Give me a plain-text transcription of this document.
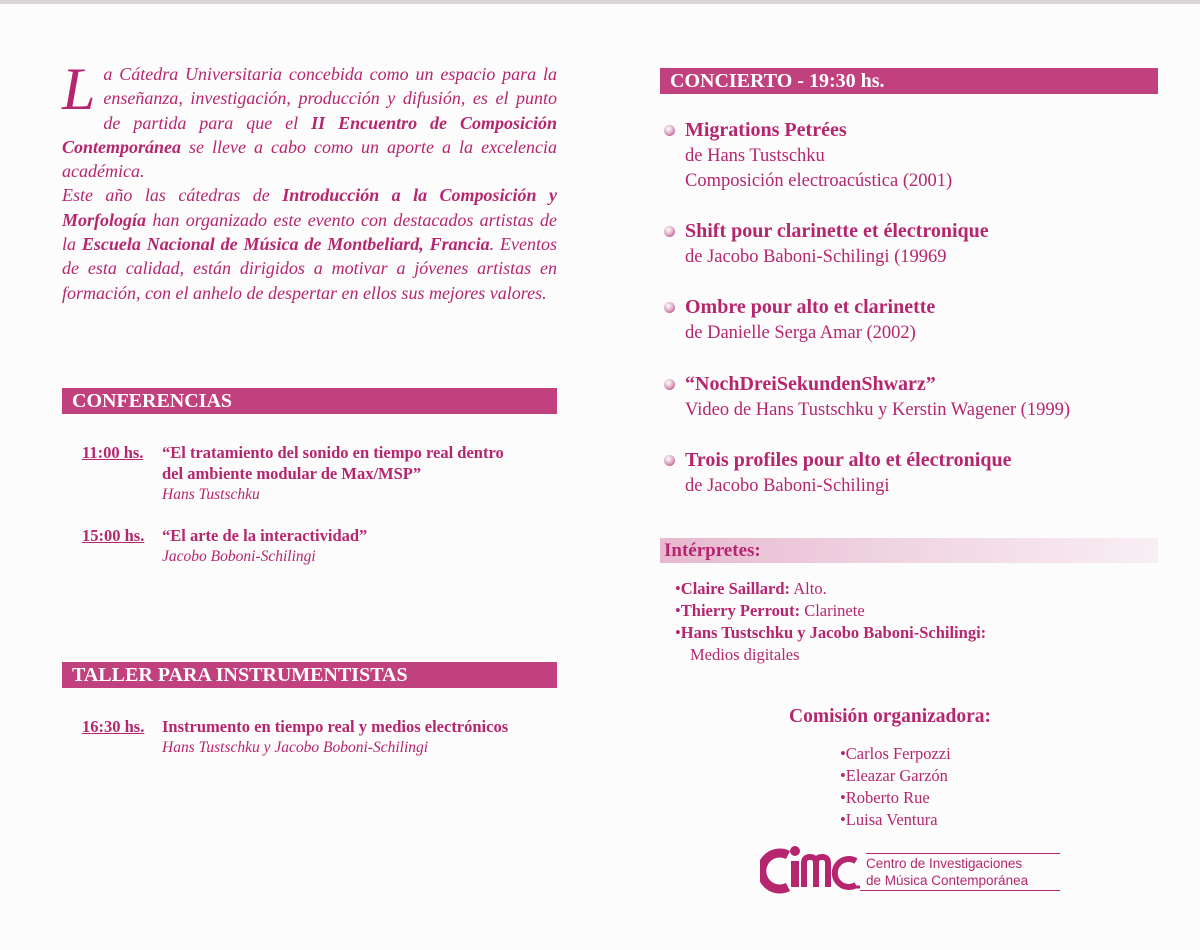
La Cátedra Universitaria concebida como un espacio para la enseñanza, investigación, producción y difusión, es el punto de partida para que el II Encuentro de Composición Contemporánea se lleve a cabo como un aporte a la excelencia académica.
Este año las cátedras de Introducción a la Composición y Morfología han organizado este evento con destacados artistas de la Escuela Nacional de Música de Montbeliard, Francia. Eventos de esta calidad, están dirigidos a motivar a jóvenes artistas en formación, con el anhelo de despertar en ellos sus mejores valores.

CONFERENCIAS
11:00 hs. “El tratamiento del sonido en tiempo real dentro
del ambiente modular de Max/MSP”
Hans Tustschku
15:00 hs. “El arte de la interactividad”
Jacobo Boboni-Schilingi
TALLER PARA INSTRUMENTISTAS
16:30 hs. Instrumento en tiempo real y medios electrónicos
Hans Tustschku y Jacobo Boboni-Schilingi
CONCIERTO - 19:30 hs.
Migrations Petrées
de Hans Tustschku
Composición electroacústica (2001)
Shift pour clarinette et électronique
de Jacobo Baboni-Schilingi (19969
Ombre pour alto et clarinette
de Danielle Serga Amar (2002)
“NochDreiSekundenShwarz”
Video de Hans Tustschku y Kerstin Wagener (1999)
Trois profiles pour alto et électronique
de Jacobo Baboni-Schilingi
Intérpretes:
•Claire Saillard: Alto.
•Thierry Perrout: Clarinete
•Hans Tustschku y Jacobo Baboni-Schilingi:
Medios digitales
Comisión organizadora:
•Carlos Ferpozzi
•Eleazar Garzón
•Roberto Rue
•Luisa Ventura
Centro de Investigaciones
de Música Contemporánea
